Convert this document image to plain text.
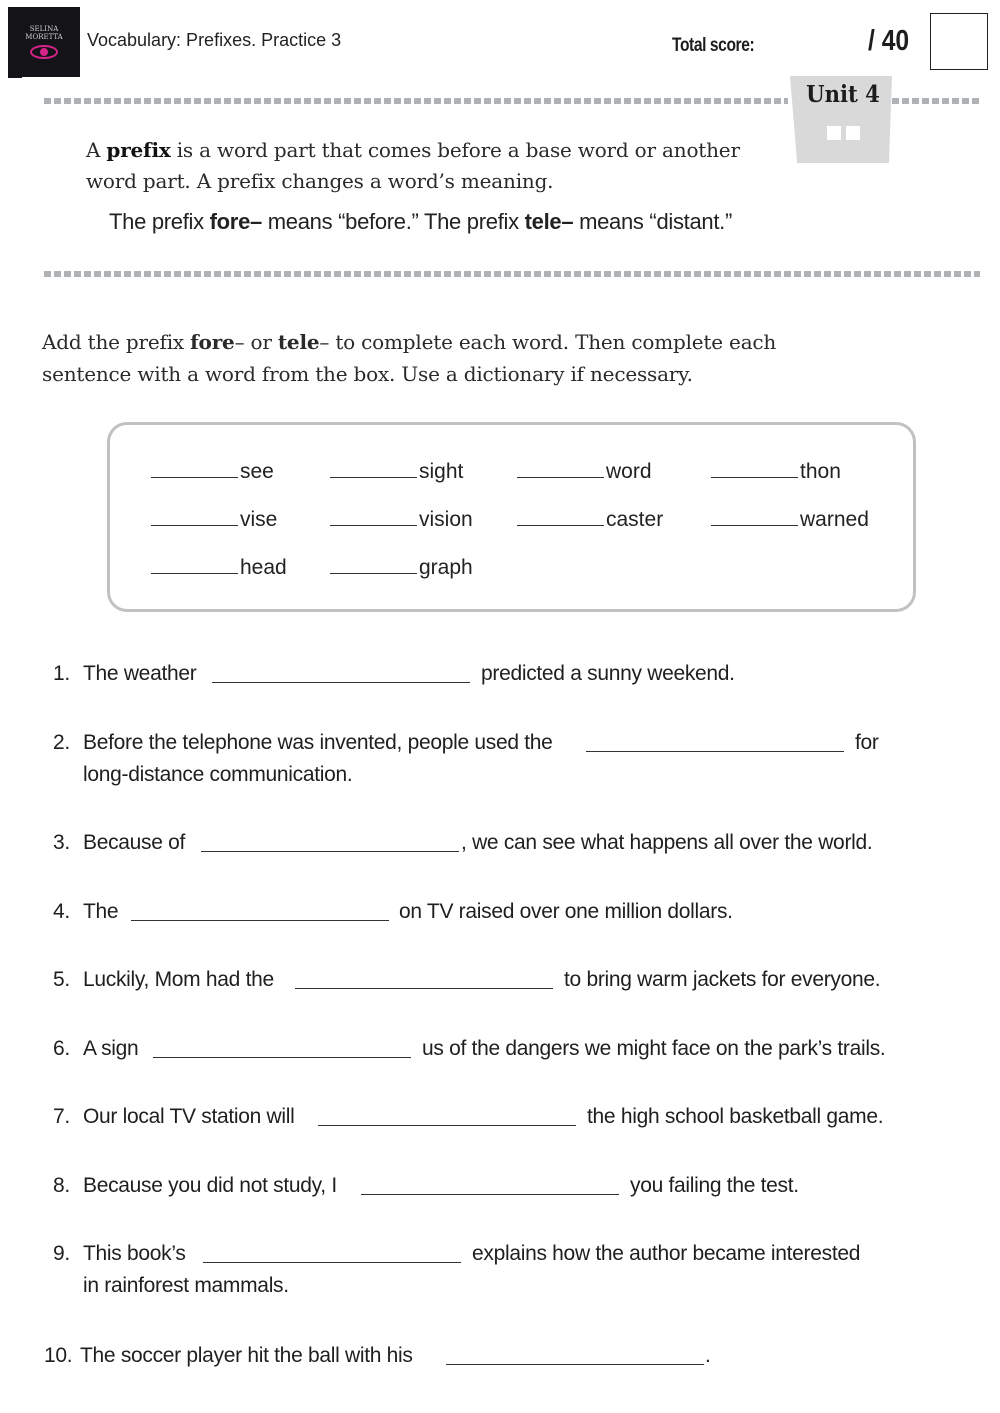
SELINA MORETTA	Vocabulary: Prefixes. Practice 3	Total score:	/ 40
Unit 4
A prefix is a word part that comes before a base word or another word part. A prefix changes a word’s meaning.
The prefix fore– means “before.” The prefix tele– means “distant.”
Add the prefix fore– or tele– to complete each word. Then complete each sentence with a word from the box. Use a dictionary if necessary.
see	sight	word	thon
vise	vision	caster	warned
head	graph
1. The weather	predicted a sunny weekend.
2. Before the telephone was invented, people used the	for
long-distance communication.
3. Because of	, we can see what happens all over the world.
4. The	on TV raised over one million dollars.
5. Luckily, Mom had the	to bring warm jackets for everyone.
6. A sign	us of the dangers we might face on the park’s trails.
7. Our local TV station will	the high school basketball game.
8. Because you did not study, I	you failing the test.
9. This book’s	explains how the author became interested
in rainforest mammals.
10. The soccer player hit the ball with his	.
